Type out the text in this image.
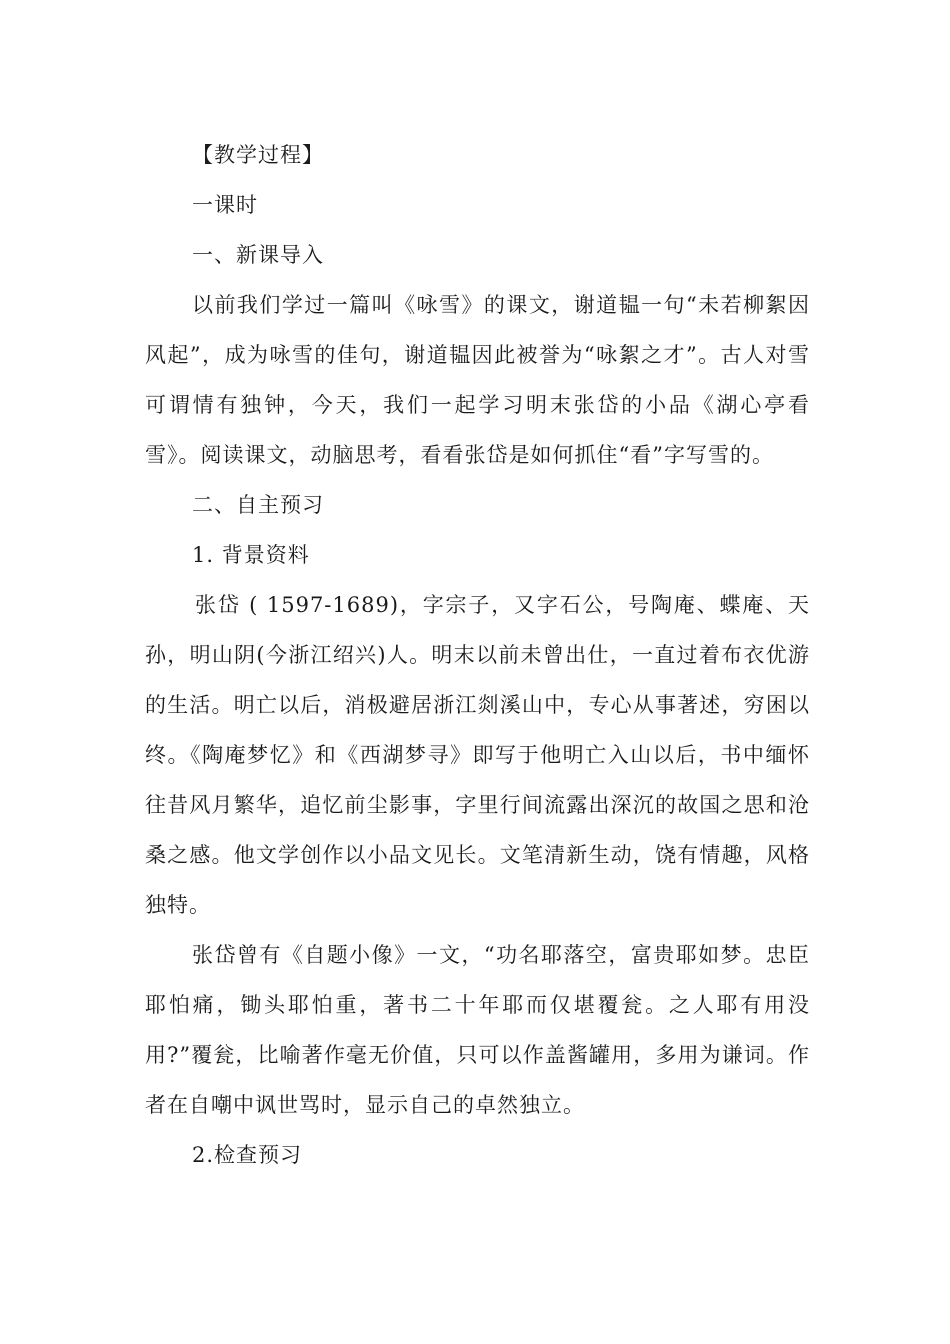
【教学过程】

一课时

一、新课导入

以前我们学过一篇叫《咏雪》的课文，谢道韫一句“未若柳絮因风起”，成为咏雪的佳句，谢道韫因此被誉为“咏絮之才”。古人对雪可谓情有独钟，今天，我们一起学习明末张岱的小品《湖心亭看雪》。阅读课文，动脑思考，看看张岱是如何抓住“看”字写雪的。

二、自主预习

1. 背景资料

张岱 ( 1597-1689)，字宗子，又字石公，号陶庵、蝶庵、天孙，明山阴(今浙江绍兴)人。明末以前未曾出仕，一直过着布衣优游的生活。明亡以后，消极避居浙江剡溪山中，专心从事著述，穷困以终。《陶庵梦忆》和《西湖梦寻》即写于他明亡入山以后，书中缅怀往昔风月繁华，追忆前尘影事，字里行间流露出深沉的故国之思和沧桑之感。他文学创作以小品文见长。文笔清新生动，饶有情趣，风格独特。

张岱曾有《自题小像》一文，“功名耶落空，富贵耶如梦。忠臣耶怕痛，锄头耶怕重，著书二十年耶而仅堪覆瓮。之人耶有用没用?”覆瓮，比喻著作毫无价值，只可以作盖酱罐用，多用为谦词。作者在自嘲中讽世骂时，显示自己的卓然独立。

2.检查预习
